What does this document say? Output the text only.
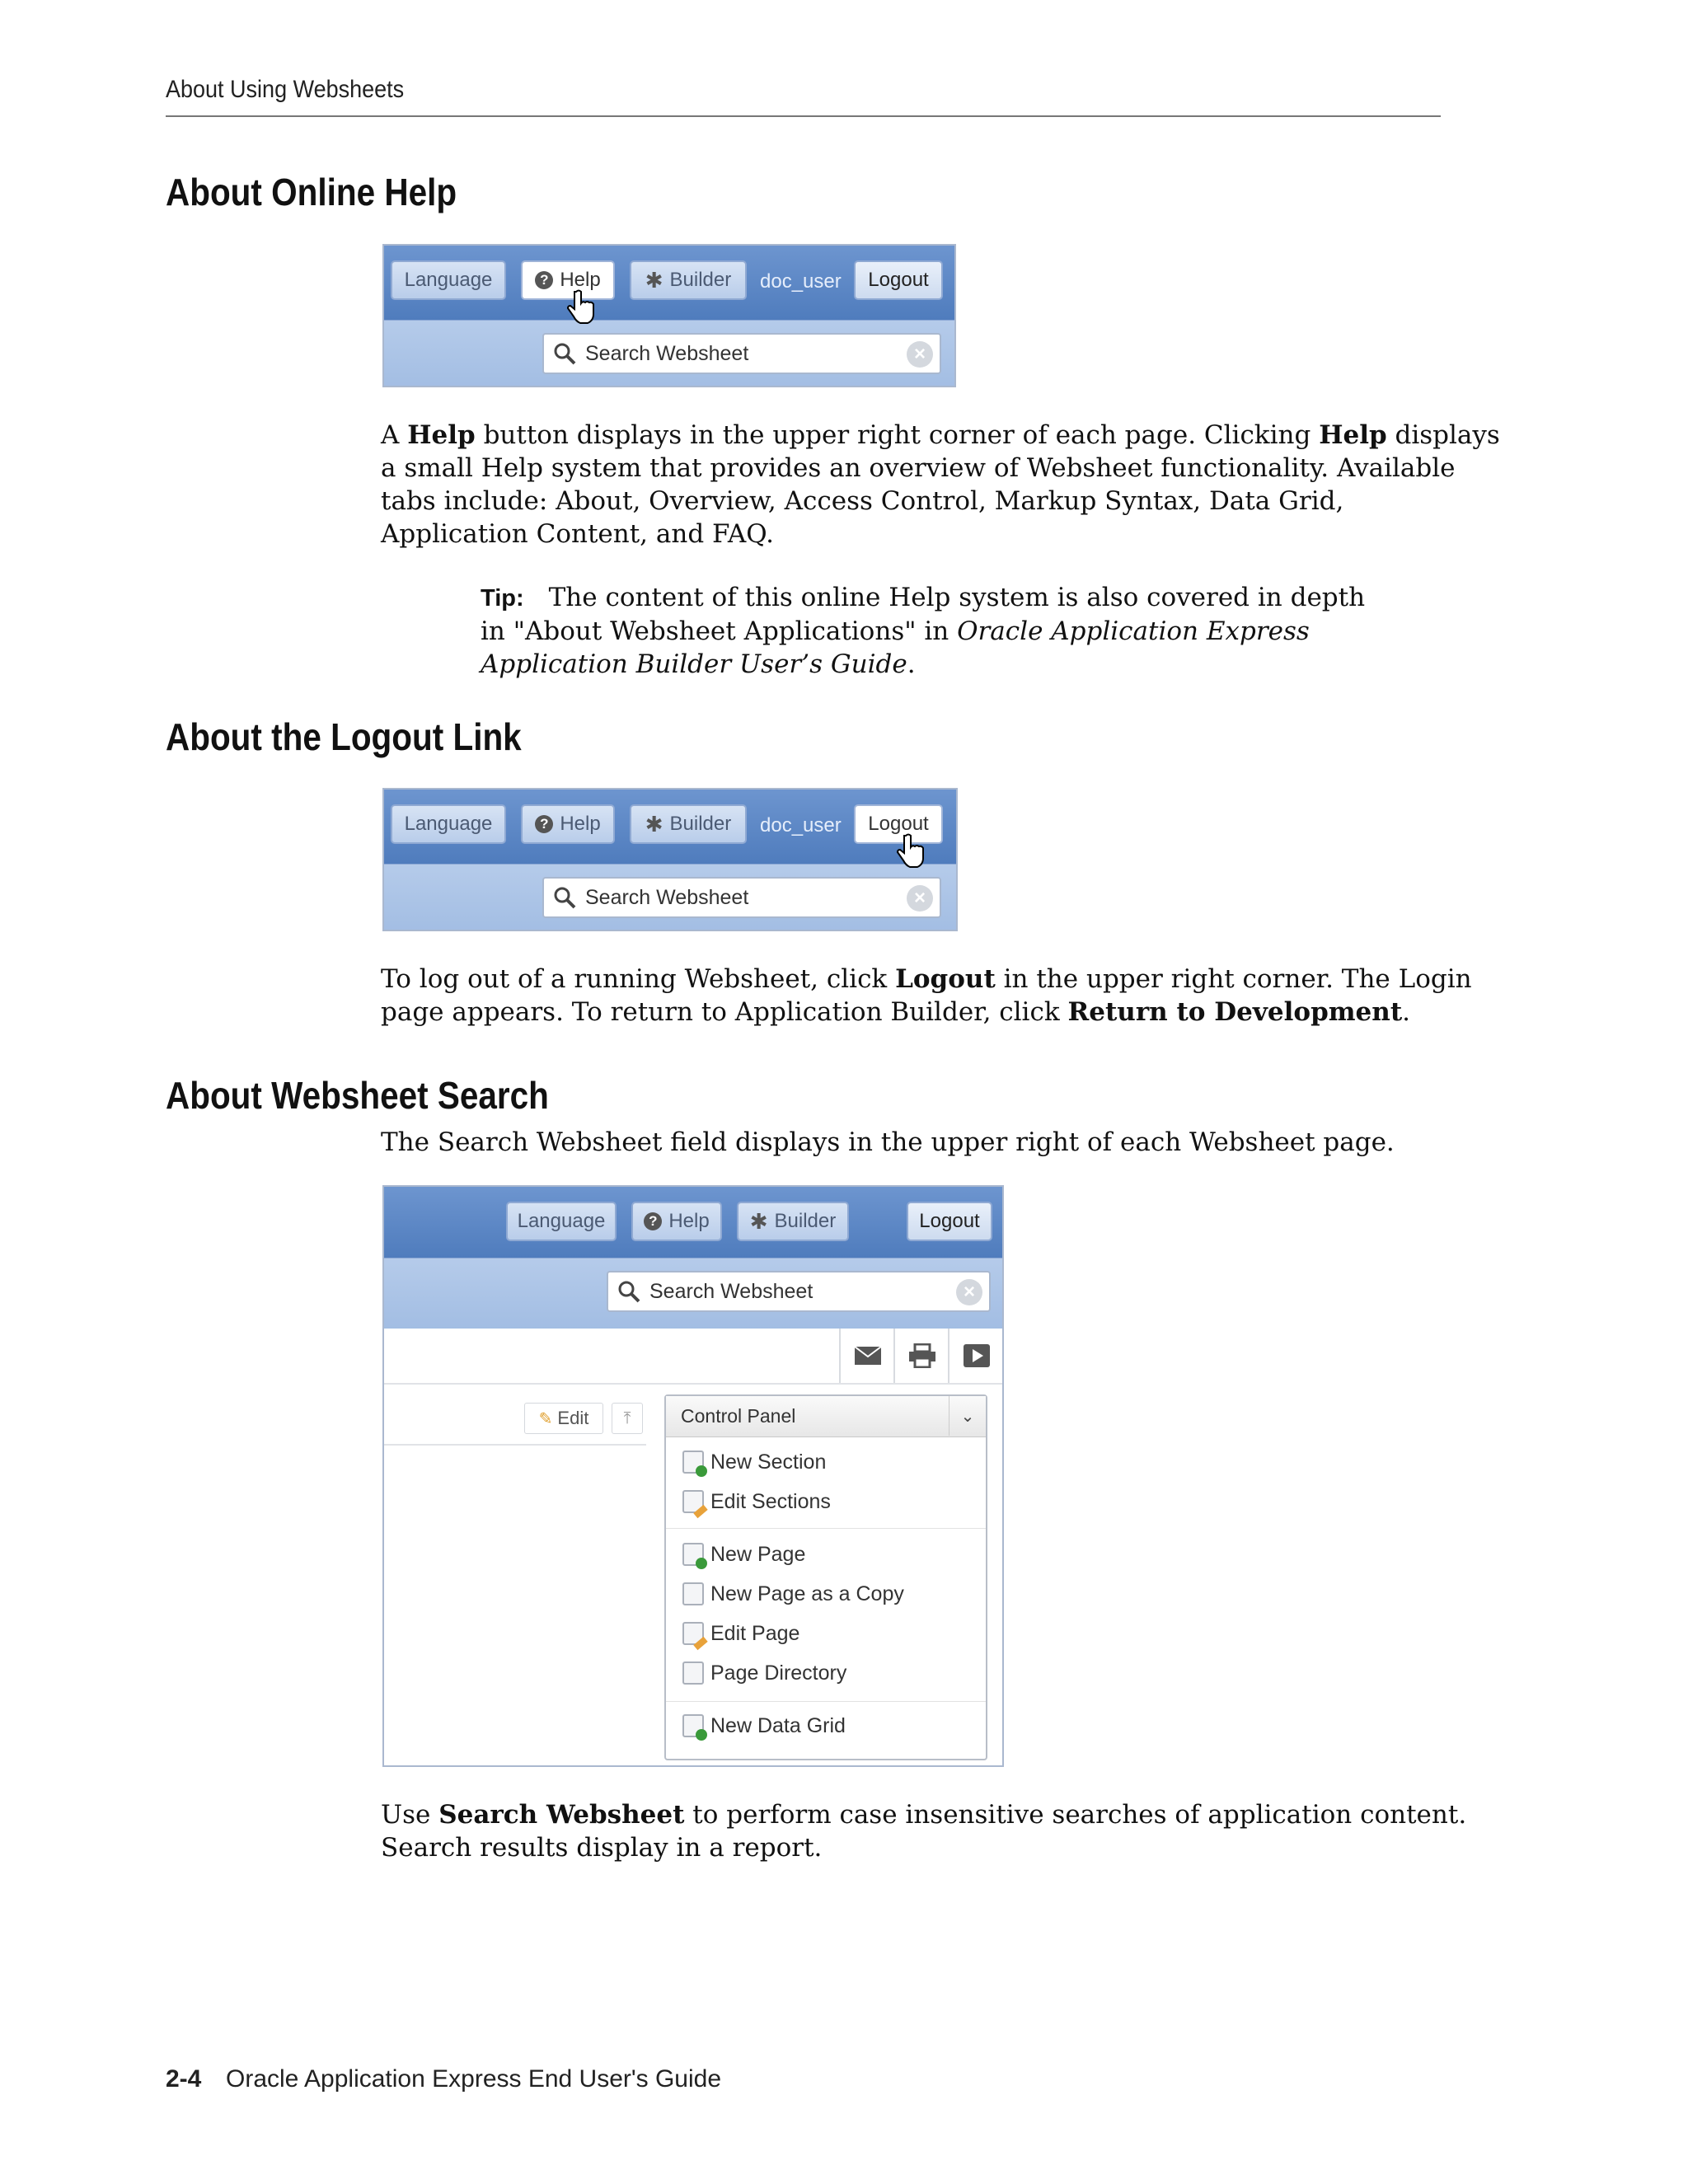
About Using Websheets
About Online Help
Language	? Help ✱ Builder doc_user Logout
Search Websheet	×

A Help button displays in the upper right corner of each page. Clicking Help displays
a small Help system that provides an overview of Websheet functionality. Available
tabs include: About, Overview, Access Control, Markup Syntax, Data Grid,
Application Content, and FAQ.

Tip: The content of this online Help system is also covered in depth
in "About Websheet Applications" in Oracle Application Express
Application Builder User’s Guide.

About the Logout Link
Language	? Help ✱ Builder doc_user Logout
Search Websheet	×

To log out of a running Websheet, click Logout in the upper right corner. The Login
page appears. To return to Application Builder, click Return to Development.

About Websheet Search

The Search Websheet field displays in the upper right of each Websheet page.

Language	? Help ✱ Builder	Logout
Search Websheet	×
✎ Edit	⤒	Control Panel	⌄
New Section
Edit Sections
New Page
New Page as a Copy
Edit Page
Page Directory
New Data Grid

Use Search Websheet to perform case insensitive searches of application content.
Search results display in a report.

2-4 Oracle Application Express End User's Guide
